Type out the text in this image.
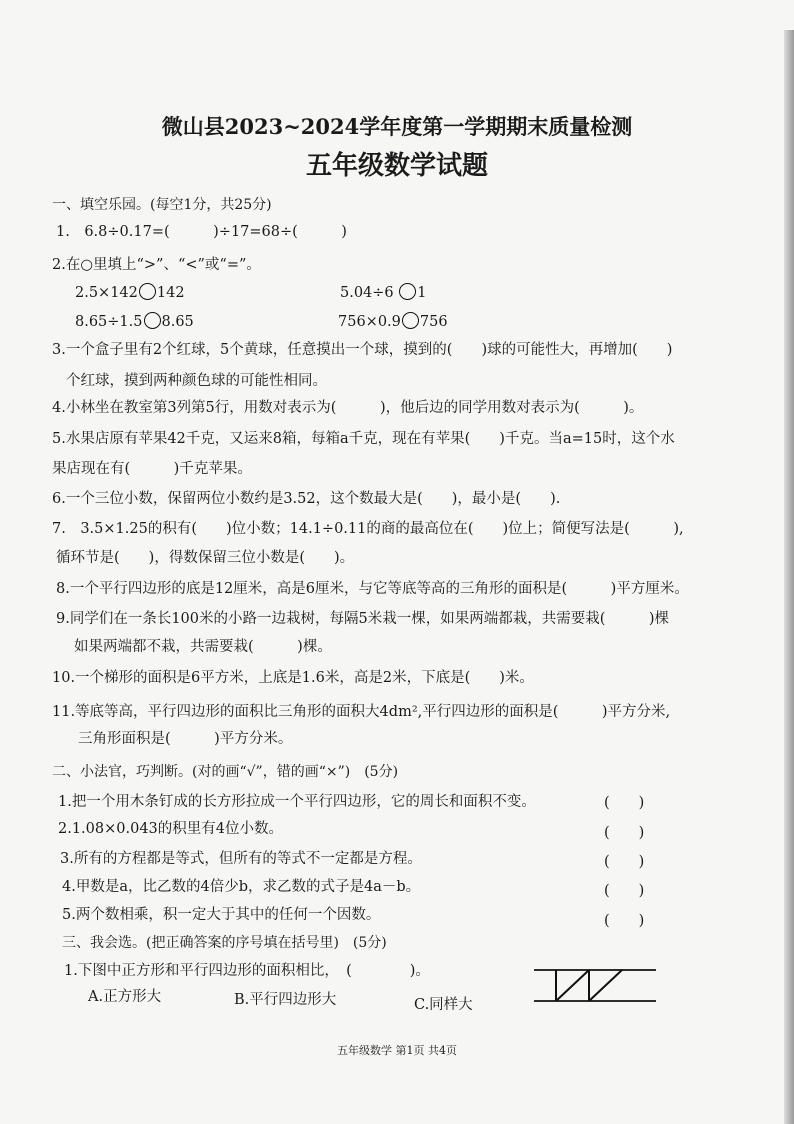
微山县2023~2024学年度第一学期期末质量检测
五年级数学试题
一、填空乐园。(每空1分，共25分)
1.　6.8÷0.17=(　　　)÷17=68÷(　　　)
2.在○里填上“>”、“<”或“=”。
2.5×142 142	5.04÷6 1
8.65÷1.5 8.65	756×0.9 756
3.一个盒子里有2个红球，5个黄球，任意摸出一个球，摸到的(　　)球的可能性大，再增加(　　)
个红球，摸到两种颜色球的可能性相同。
4.小林坐在教室第3列第5行，用数对表示为(　　　)，他后边的同学用数对表示为(　　　)。
5.水果店原有苹果42千克，又运来8箱，每箱a千克，现在有苹果(　　)千克。当a=15时，这个水
果店现在有(　　　)千克苹果。
6.一个三位小数，保留两位小数约是3.52，这个数最大是(　　)，最小是(　　).
7.　3.5×1.25的积有(　　)位小数；14.1÷0.11的商的最高位在(　　)位上；简便写法是(　　　),
循环节是(　　)，得数保留三位小数是(　　)。
8.一个平行四边形的底是12厘米，高是6厘米，与它等底等高的三角形的面积是(　　　)平方厘米。
9.同学们在一条长100米的小路一边栽树，每隔5米栽一棵，如果两端都栽，共需要栽(　　　)棵
如果两端都不栽，共需要栽(　　　)棵。
10.一个梯形的面积是6平方米，上底是1.6米，高是2米，下底是(　　)米。
11.等底等高，平行四边形的面积比三角形的面积大4dm²,平行四边形的面积是(　　　)平方分米,
三角形面积是(　　　)平方分米。
二、小法官，巧判断。(对的画“√”，错的画“×”)　(5分)
1.把一个用木条钉成的长方形拉成一个平行四边形，它的周长和面积不变。	(　　)
2.1.08×0.043的积里有4位小数。	(　　)
3.所有的方程都是等式，但所有的等式不一定都是方程。	(　　)
4.甲数是a，比乙数的4倍少b，求乙数的式子是4a－b。	(　　)
5.两个数相乘，积一定大于其中的任何一个因数。	(　　)
三、我会选。(把正确答案的序号填在括号里)　(5分)
1.下图中正方形和平行四边形的面积相比，　(　　　　)。
A.正方形大	B.平行四边形大	C.同样大
五年级数学 第1页 共4页
